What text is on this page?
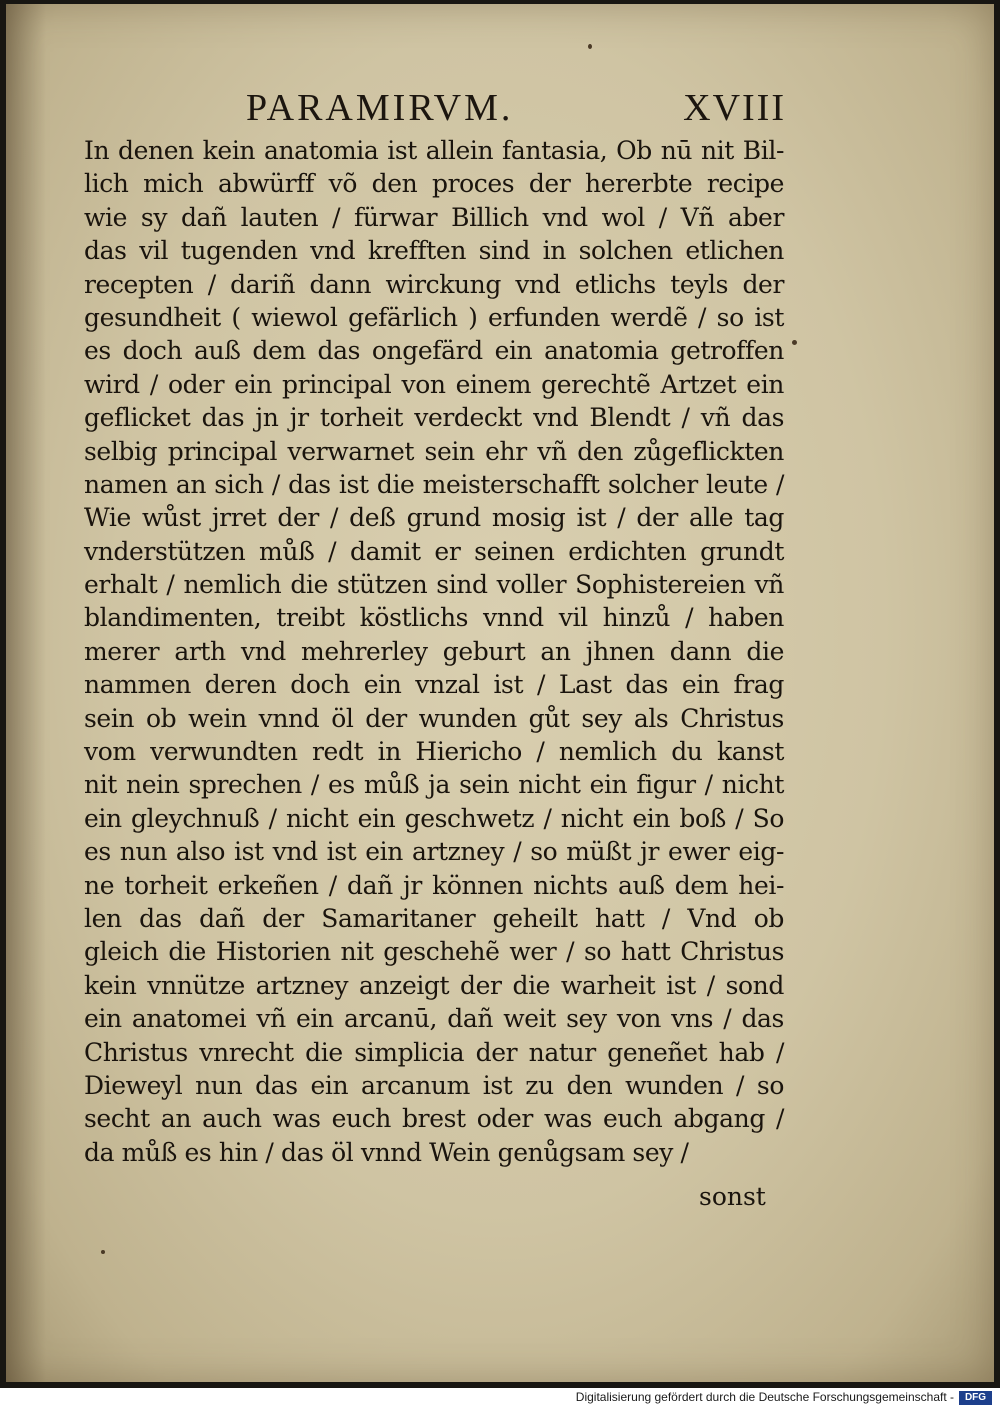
PARAMIRVM.	XVIII
In denen kein anatomia ist allein fantasia, Ob nū nit Bil-
lich mich abwürff võ den proces der hererbte recipe
wie sy dañ lauten / fürwar Billich vnd wol / Vñ aber
das vil tugenden vnd krefften sind in solchen etlichen
recepten / dariñ dann wirckung vnd etlichs teyls der
gesundheit ( wiewol gefärlich ) erfunden werdẽ / so ist
es doch auß dem das ongefärd ein anatomia getroffen
wird / oder ein principal von einem gerechtẽ Artzet ein
geflicket das jn jr torheit verdeckt vnd Blendt / vñ das
selbig principal verwarnet sein ehr vñ den zůgeflickten
namen an sich / das ist die meisterschafft solcher leute /
Wie wůst jrret der / deß grund mosig ist / der alle tag
vnderstützen můß / damit er seinen erdichten grundt
erhalt / nemlich die stützen sind voller Sophistereien vñ
blandimenten, treibt köstlichs vnnd vil hinzů / haben
merer arth vnd mehrerley geburt an jhnen dann die
nammen deren doch ein vnzal ist / Last das ein frag
sein ob wein vnnd öl der wunden gůt sey als Christus
vom verwundten redt in Hiericho / nemlich du kanst
nit nein sprechen / es můß ja sein nicht ein figur / nicht
ein gleychnuß / nicht ein geschwetz / nicht ein boß / So
es nun also ist vnd ist ein artzney / so müßt jr ewer eig-
ne torheit erkeñen / dañ jr können nichts auß dem hei-
len das dañ der Samaritaner geheilt hatt / Vnd ob
gleich die Historien nit geschehẽ wer / so hatt Christus
kein vnnütze artzney anzeigt der die warheit ist / sond
ein anatomei vñ ein arcanū, dañ weit sey von vns / das
Christus vnrecht die simplicia der natur geneñet hab /
Dieweyl nun das ein arcanum ist zu den wunden / so
secht an auch was euch brest oder was euch abgang /
da můß es hin / das öl vnnd Wein genůgsam sey /
sonst
Digitalisierung gefördert durch die Deutsche Forschungsgemeinschaft -	DFG
